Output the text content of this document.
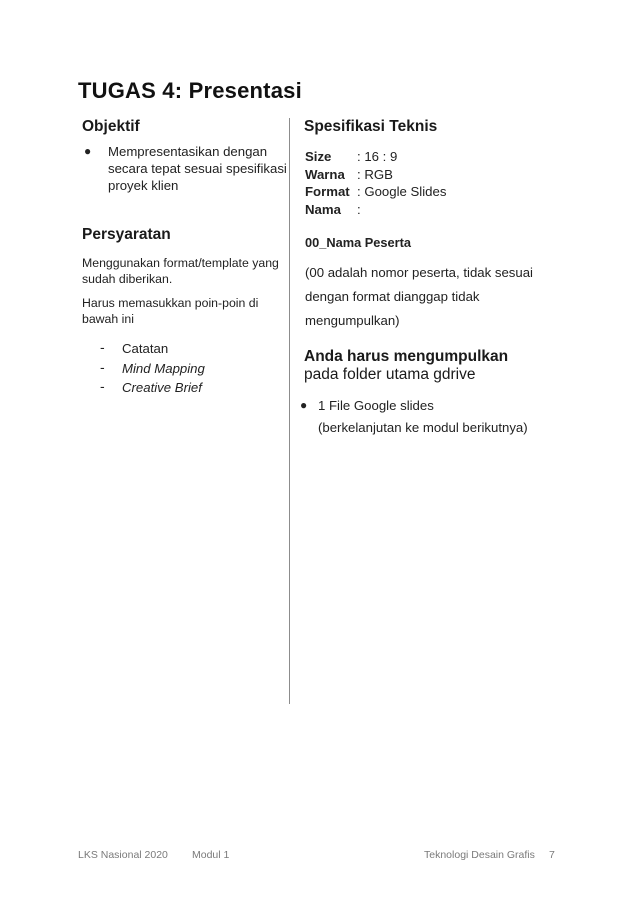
TUGAS 4: Presentasi
Objektif
● Mempresentasikan dengan secara tepat sesuai spesifikasi proyek klien
Persyaratan
Menggunakan format/template yang sudah diberikan.
Harus memasukkan poin-poin di bawah ini
- Catatan
- Mind Mapping
- Creative Brief
Spesifikasi Teknis
Size	: 16 : 9
Warna : RGB
Format : Google Slides
Nama	:
00_Nama Peserta
(00 adalah nomor peserta, tidak sesuai dengan format dianggap tidak mengumpulkan)
Anda harus mengumpulkan
pada folder utama gdrive
● 1 File Google slides
(berkelanjutan ke modul berikutnya)
LKS Nasional 2020 Modul 1	Teknologi Desain Grafis 7
